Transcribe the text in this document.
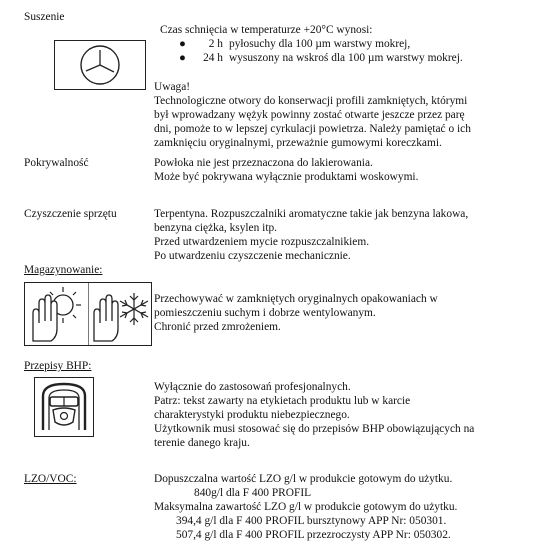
Suszenie
Czas schnięcia w temperaturze +20°C wynosi:
●	2 h pyłosuchy dla 100 µm warstwy mokrej,
●	24 h wysuszony na wskroś dla 100 µm warstwy mokrej.
Uwaga!
Technologiczne otwory do konserwacji profili zamkniętych, którymi
był wprowadzany wężyk powinny zostać otwarte jeszcze przez parę
dni, pomoże to w lepszej cyrkulacji powietrza. Należy pamiętać o ich
zamknięciu oryginalnymi, przeważnie gumowymi koreczkami.
Pokrywalność	Powłoka nie jest przeznaczona do lakierowania.
Może być pokrywana wyłącznie produktami woskowymi.
Czyszczenie sprzętu	Terpentyna. Rozpuszczalniki aromatyczne takie jak benzyna lakowa,
benzyna ciężka, ksylen itp.
Przed utwardzeniem mycie rozpuszczalnikiem.
Po utwardzeniu czyszczenie mechanicznie.
Magazynowanie:
Przechowywać w zamkniętych oryginalnych opakowaniach w
pomieszczeniu suchym i dobrze wentylowanym.
Chronić przed zmrożeniem.
Przepisy BHP:
Wyłącznie do zastosowań profesjonalnych.
Patrz: tekst zawarty na etykietach produktu lub w karcie
charakterystyki produktu niebezpiecznego.
Użytkownik musi stosować się do przepisów BHP obowiązujących na
terenie danego kraju.
LZO/VOC:	Dopuszczalna wartość LZO g/l w produkcie gotowym do użytku.
840g/l dla F 400 PROFIL
Maksymalna zawartość LZO g/l w produkcie gotowym do użytku.
394,4 g/l dla F 400 PROFIL bursztynowy APP Nr: 050301.
507,4 g/l dla F 400 PROFIL przezroczysty APP Nr: 050302.
